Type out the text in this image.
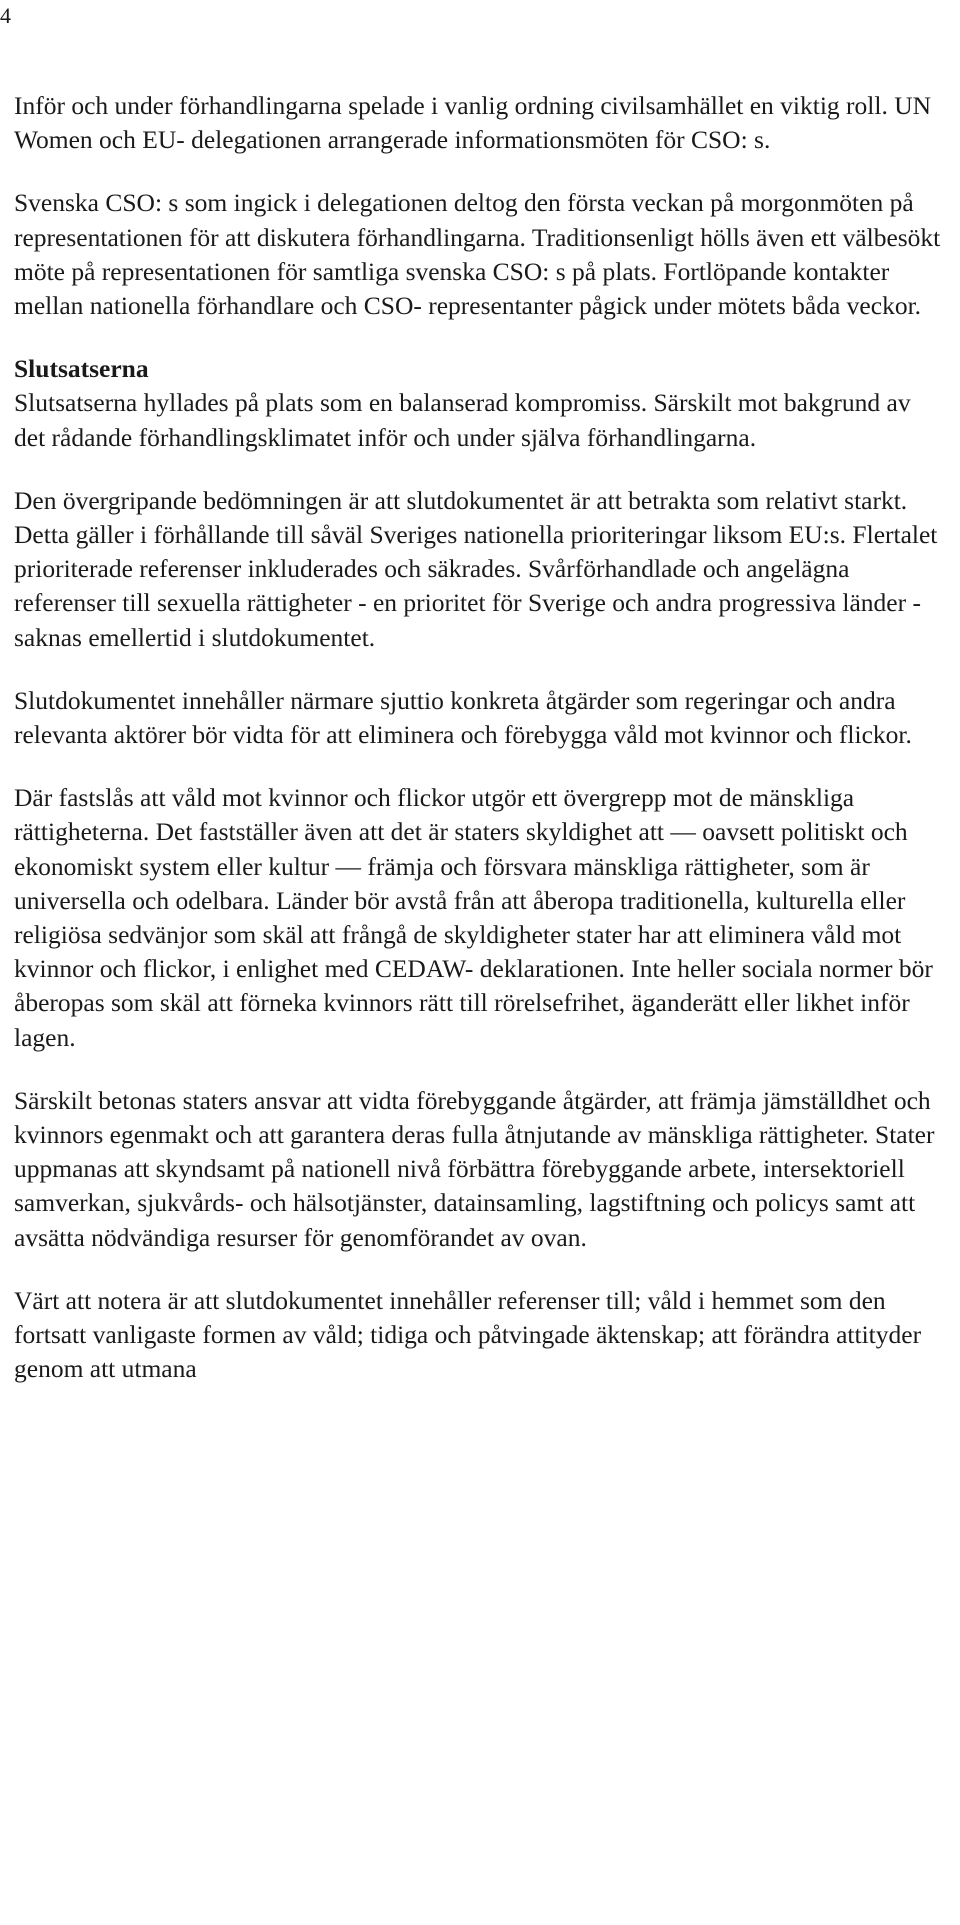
4

Inför och under förhandlingarna spelade i vanlig ordning civilsamhället en viktig roll. UN Women och EU- delegationen arrangerade informationsmöten för CSO: s.

Svenska CSO: s som ingick i delegationen deltog den första veckan på morgonmöten på representationen för att diskutera förhandlingarna. Traditionsenligt hölls även ett välbesökt möte på representationen för samtliga svenska CSO: s på plats. Fortlöpande kontakter mellan nationella förhandlare och CSO- representanter pågick under mötets båda veckor.

Slutsatserna

Slutsatserna hyllades på plats som en balanserad kompromiss. Särskilt mot bakgrund av det rådande förhandlingsklimatet inför och under själva förhandlingarna.

Den övergripande bedömningen är att slutdokumentet är att betrakta som relativt starkt. Detta gäller i förhållande till såväl Sveriges nationella prioriteringar liksom EU:s. Flertalet prioriterade referenser inkluderades och säkrades. Svårförhandlade och angelägna referenser till sexuella rättigheter - en prioritet för Sverige och andra progressiva länder - saknas emellertid i slutdokumentet.

Slutdokumentet innehåller närmare sjuttio konkreta åtgärder som regeringar och andra relevanta aktörer bör vidta för att eliminera och förebygga våld mot kvinnor och flickor.

Där fastslås att våld mot kvinnor och flickor utgör ett övergrepp mot de mänskliga rättigheterna. Det fastställer även att det är staters skyldighet att — oavsett politiskt och ekonomiskt system eller kultur — främja och försvara mänskliga rättigheter, som är universella och odelbara. Länder bör avstå från att åberopa traditionella, kulturella eller religiösa sedvänjor som skäl att frångå de skyldigheter stater har att eliminera våld mot kvinnor och flickor, i enlighet med CEDAW- deklarationen. Inte heller sociala normer bör åberopas som skäl att förneka kvinnors rätt till rörelsefrihet, äganderätt eller likhet inför lagen.

Särskilt betonas staters ansvar att vidta förebyggande åtgärder, att främja jämställdhet och kvinnors egenmakt och att garantera deras fulla åtnjutande av mänskliga rättigheter. Stater uppmanas att skyndsamt på nationell nivå förbättra förebyggande arbete, intersektoriell samverkan, sjukvårds- och hälsotjänster, datainsamling, lagstiftning och policys samt att avsätta nödvändiga resurser för genomförandet av ovan.

Värt att notera är att slutdokumentet innehåller referenser till; våld i hemmet som den fortsatt vanligaste formen av våld; tidiga och påtvingade äktenskap; att förändra attityder genom att utmana
